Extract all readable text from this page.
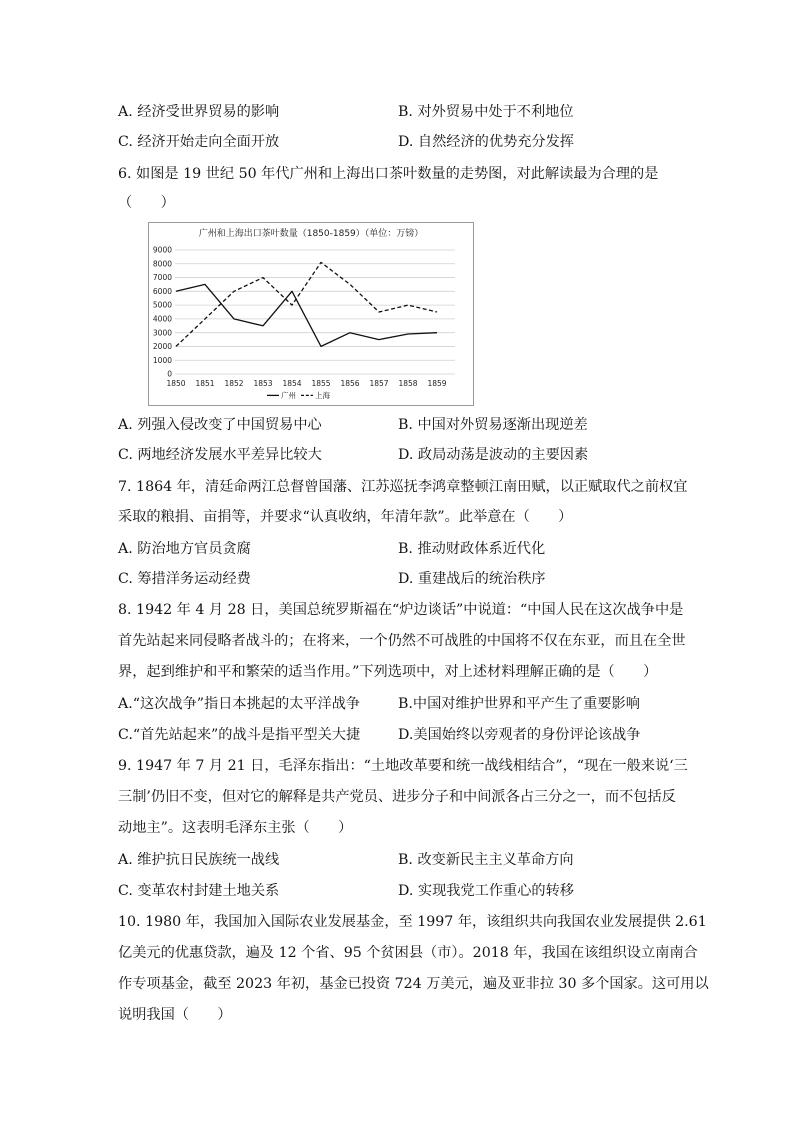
A. 经济受世界贸易的影响	B. 对外贸易中处于不利地位
C. 经济开始走向全面开放	D. 自然经济的优势充分发挥
6. 如图是 19 世纪 50 年代广州和上海出口茶叶数量的走势图，对此解读最为合理的是
（　　）
广州和上海出口茶叶数量（1850-1859）（单位：万镑）
0
1000
2000
3000
4000
5000
6000
7000
8000
9000
1850 1851 1852 1853 1854 1855 1856 1857 1858 1859
广州	上海
A. 列强入侵改变了中国贸易中心	B. 中国对外贸易逐渐出现逆差
C. 两地经济发展水平差异比较大	D. 政局动荡是波动的主要因素
7. 1864 年，清廷命两江总督曾国藩、江苏巡抚李鸿章整顿江南田赋，以正赋取代之前权宜
采取的粮捐、亩捐等，并要求“认真收纳，年清年款”。此举意在（　　）
A. 防治地方官员贪腐	B. 推动财政体系近代化
C. 筹措洋务运动经费	D. 重建战后的统治秩序
8. 1942 年 4 月 28 日，美国总统罗斯福在“炉边谈话”中说道：“中国人民在这次战争中是
首先站起来同侵略者战斗的；在将来，一个仍然不可战胜的中国将不仅在东亚，而且在全世
界，起到维护和平和繁荣的适当作用。”下列选项中，对上述材料理解正确的是（　　）
A.“这次战争”指日本挑起的太平洋战争	B.中国对维护世界和平产生了重要影响
C.“首先站起来”的战斗是指平型关大捷	D.美国始终以旁观者的身份评论该战争
9. 1947 年 7 月 21 日，毛泽东指出：“土地改革要和统一战线相结合”，“现在一般来说‘三
三制’仍旧不变，但对它的解释是共产党员、进步分子和中间派各占三分之一，而不包括反
动地主”。这表明毛泽东主张（　　）
A. 维护抗日民族统一战线	B. 改变新民主主义革命方向
C. 变革农村封建土地关系	D. 实现我党工作重心的转移
10. 1980 年，我国加入国际农业发展基金，至 1997 年，该组织共向我国农业发展提供 2.61
亿美元的优惠贷款，遍及 12 个省、95 个贫困县（市）。2018 年，我国在该组织设立南南合
作专项基金，截至 2023 年初，基金已投资 724 万美元，遍及亚非拉 30 多个国家。这可用以
说明我国（　　）
